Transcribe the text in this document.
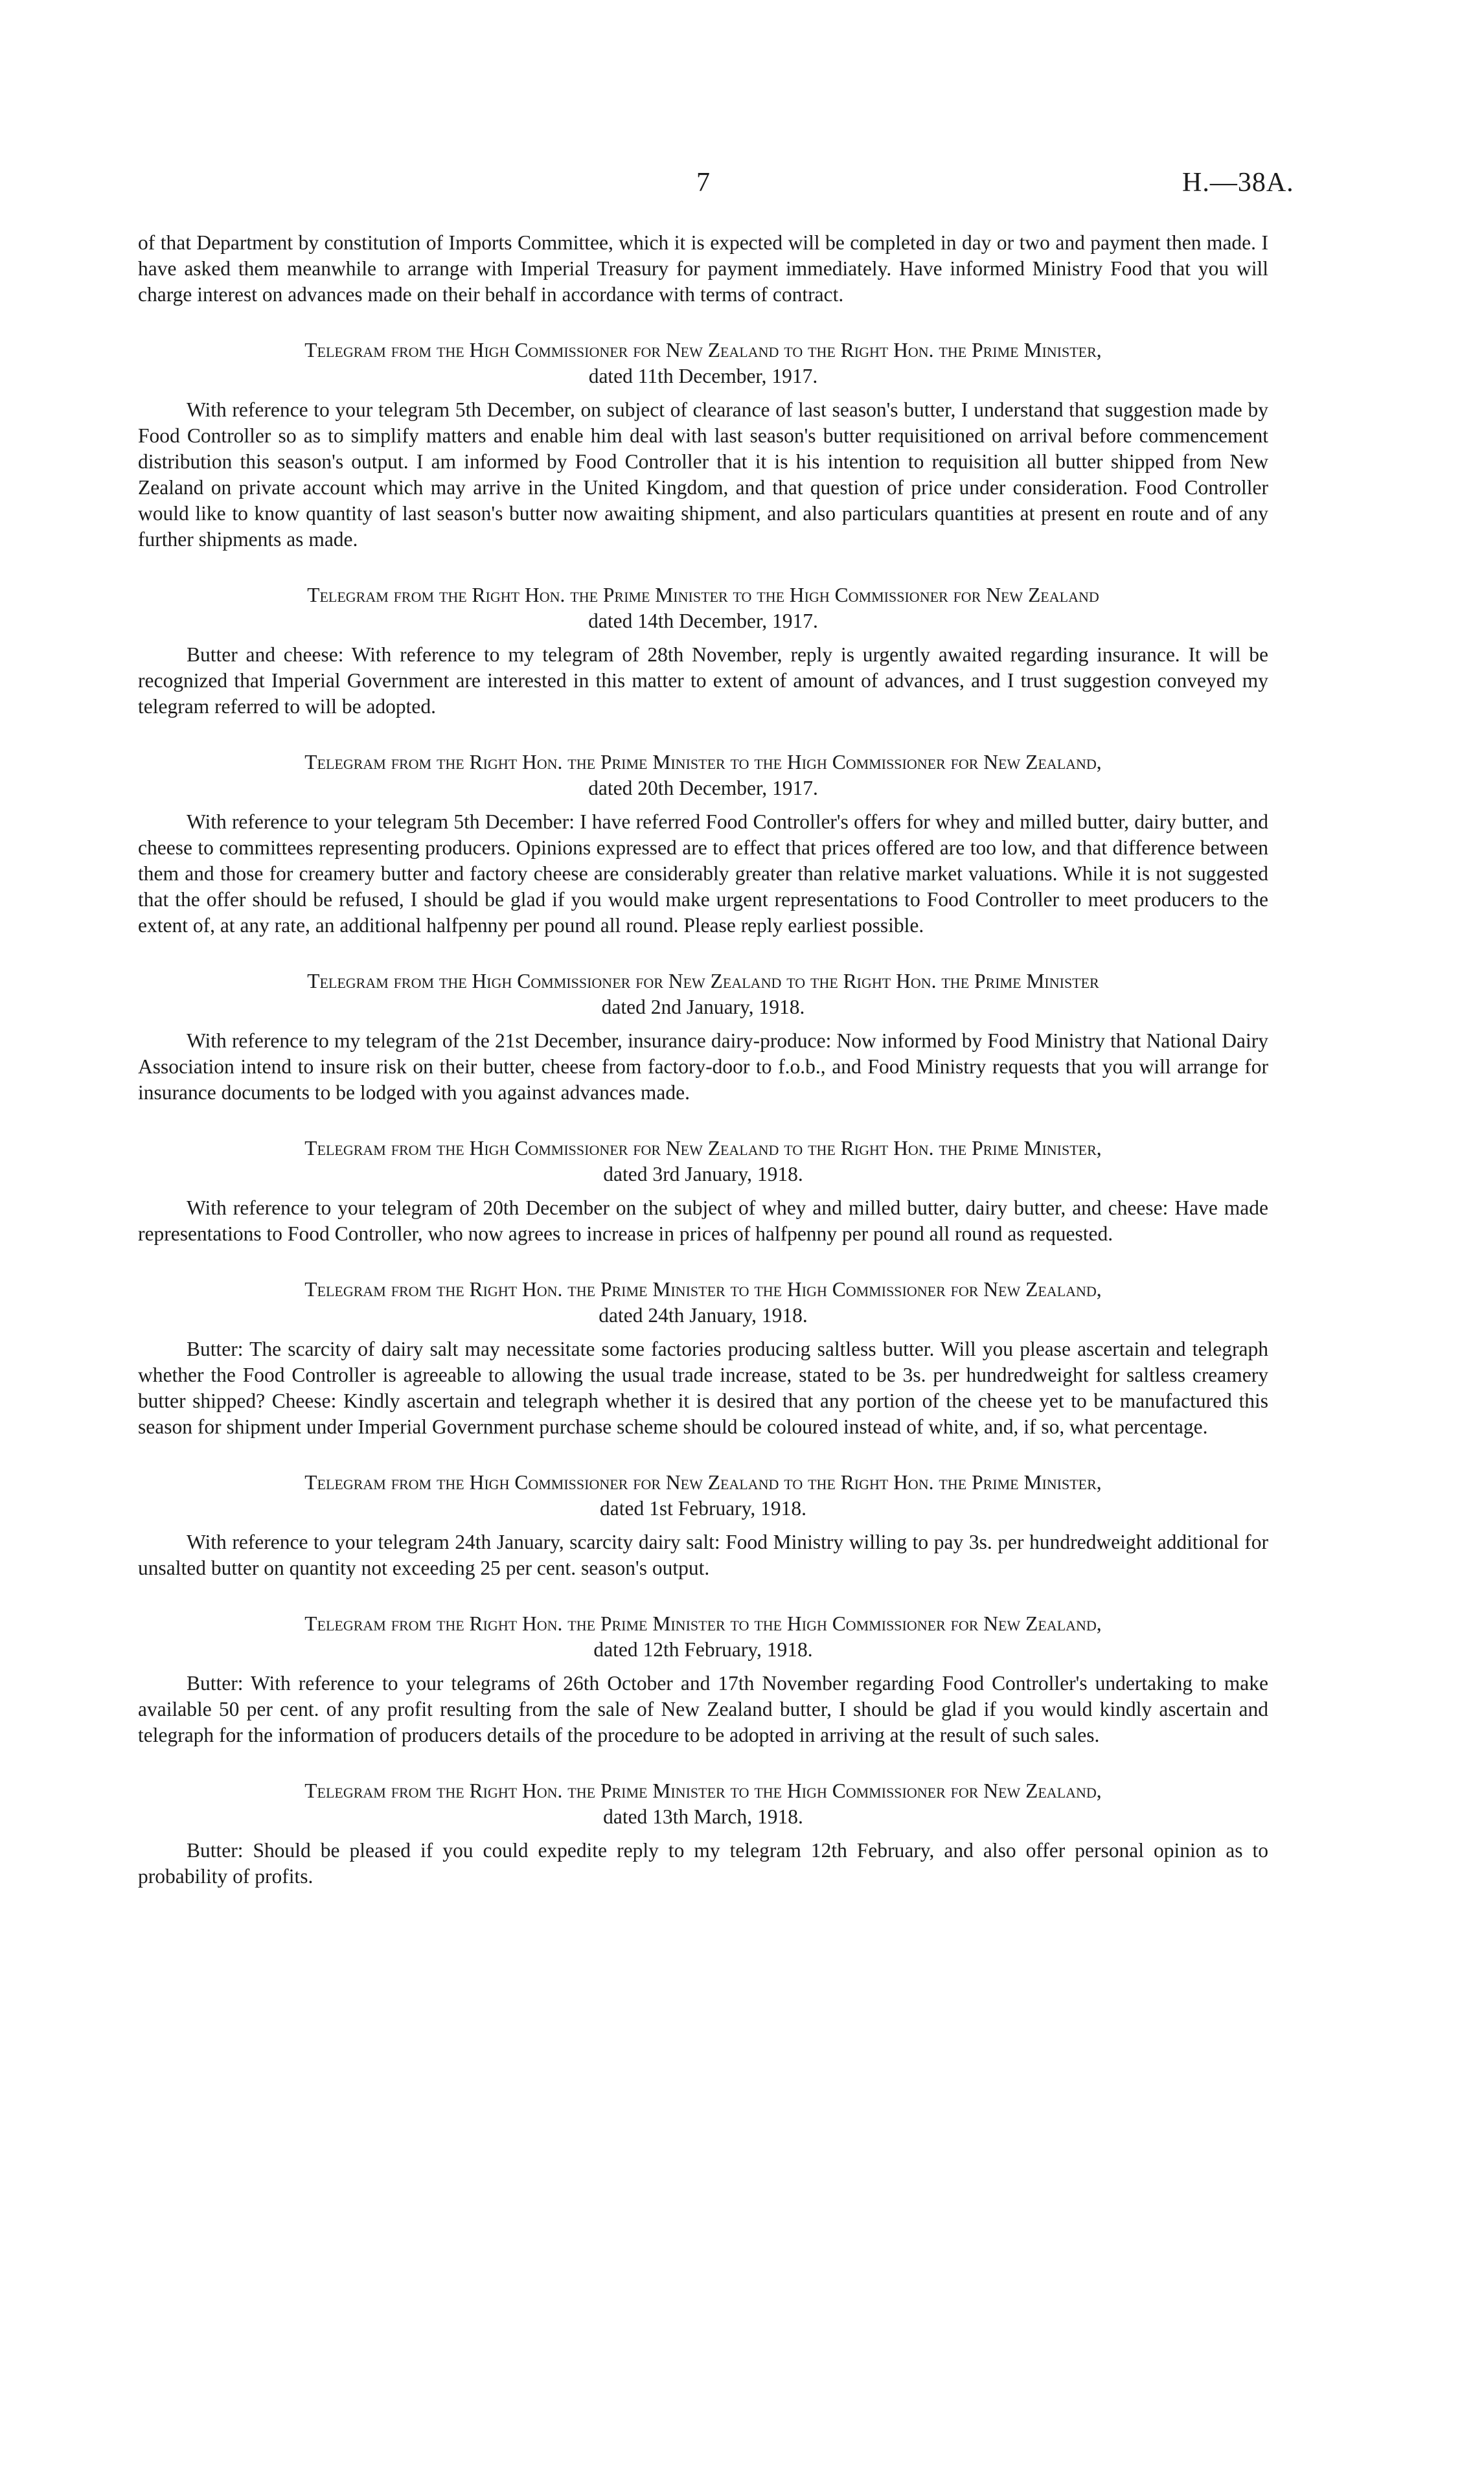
7	H.—38A.

of that Department by constitution of Imports Committee, which it is expected will be completed in day or two and payment then made. I have asked them meanwhile to arrange with Imperial Treasury for payment immediately. Have informed Ministry Food that you will charge interest on advances made on their behalf in accordance with terms of contract.

Telegram from the High Commissioner for New Zealand to the Right Hon. the Prime Minister,
dated 11th December, 1917.

With reference to your telegram 5th December, on subject of clearance of last season's butter, I understand that suggestion made by Food Controller so as to simplify matters and enable him deal with last season's butter requisitioned on arrival before commencement distribution this season's output. I am informed by Food Controller that it is his intention to requisition all butter shipped from New Zealand on private account which may arrive in the United Kingdom, and that question of price under consideration. Food Controller would like to know quantity of last season's butter now awaiting shipment, and also particulars quantities at present en route and of any further shipments as made.

Telegram from the Right Hon. the Prime Minister to the High Commissioner for New Zealand
dated 14th December, 1917.

Butter and cheese: With reference to my telegram of 28th November, reply is urgently awaited regarding insurance. It will be recognized that Imperial Government are interested in this matter to extent of amount of advances, and I trust suggestion conveyed my telegram referred to will be adopted.

Telegram from the Right Hon. the Prime Minister to the High Commissioner for New Zealand,
dated 20th December, 1917.

With reference to your telegram 5th December: I have referred Food Controller's offers for whey and milled butter, dairy butter, and cheese to committees representing producers. Opinions expressed are to effect that prices offered are too low, and that difference between them and those for creamery butter and factory cheese are considerably greater than relative market valuations. While it is not suggested that the offer should be refused, I should be glad if you would make urgent representations to Food Controller to meet producers to the extent of, at any rate, an additional halfpenny per pound all round. Please reply earliest possible.

Telegram from the High Commissioner for New Zealand to the Right Hon. the Prime Minister
dated 2nd January, 1918.

With reference to my telegram of the 21st December, insurance dairy-produce: Now informed by Food Ministry that National Dairy Association intend to insure risk on their butter, cheese from factory-door to f.o.b., and Food Ministry requests that you will arrange for insurance documents to be lodged with you against advances made.

Telegram from the High Commissioner for New Zealand to the Right Hon. the Prime Minister,
dated 3rd January, 1918.

With reference to your telegram of 20th December on the subject of whey and milled butter, dairy butter, and cheese: Have made representations to Food Controller, who now agrees to increase in prices of halfpenny per pound all round as requested.

Telegram from the Right Hon. the Prime Minister to the High Commissioner for New Zealand,
dated 24th January, 1918.

Butter: The scarcity of dairy salt may necessitate some factories producing saltless butter. Will you please ascertain and telegraph whether the Food Controller is agreeable to allowing the usual trade increase, stated to be 3s. per hundredweight for saltless creamery butter shipped? Cheese: Kindly ascertain and telegraph whether it is desired that any portion of the cheese yet to be manufactured this season for shipment under Imperial Government purchase scheme should be coloured instead of white, and, if so, what percentage.

Telegram from the High Commissioner for New Zealand to the Right Hon. the Prime Minister,
dated 1st February, 1918.

With reference to your telegram 24th January, scarcity dairy salt: Food Ministry willing to pay 3s. per hundredweight additional for unsalted butter on quantity not exceeding 25 per cent. season's output.

Telegram from the Right Hon. the Prime Minister to the High Commissioner for New Zealand,
dated 12th February, 1918.

Butter: With reference to your telegrams of 26th October and 17th November regarding Food Controller's undertaking to make available 50 per cent. of any profit resulting from the sale of New Zealand butter, I should be glad if you would kindly ascertain and telegraph for the information of producers details of the procedure to be adopted in arriving at the result of such sales.

Telegram from the Right Hon. the Prime Minister to the High Commissioner for New Zealand,
dated 13th March, 1918.

Butter: Should be pleased if you could expedite reply to my telegram 12th February, and also offer personal opinion as to probability of profits.
